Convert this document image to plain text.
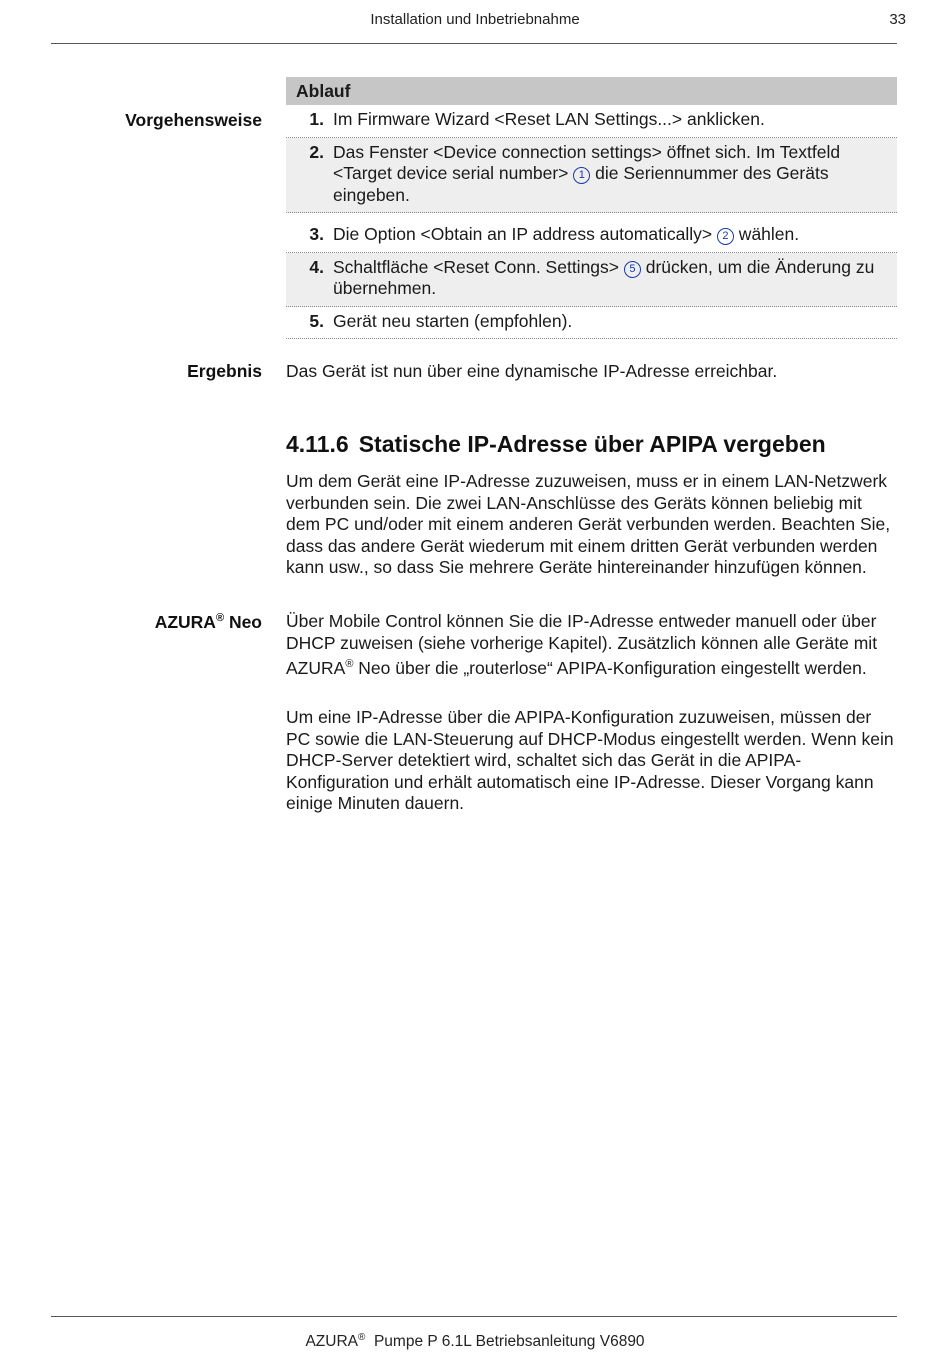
Installation und Inbetriebnahme	33
Vorgehensweise
Ablauf
1. Im Firmware Wizard <Reset LAN Settings...> anklicken.
2. Das Fenster <Device connection settings> öffnet sich. Im Textfeld <Target device serial number> 1 die Seriennummer des Geräts eingeben.
3. Die Option <Obtain an IP address automatically> 2 wählen.
4. Schaltfläche <Reset Conn. Settings> 5 drücken, um die Änderung zu übernehmen.
5. Gerät neu starten (empfohlen).
Ergebnis Das Gerät ist nun über eine dynamische IP-Adresse erreichbar.
4.11.6 Statische IP-Adresse über APIPA vergeben
Um dem Gerät eine IP-Adresse zuzuweisen, muss er in einem LAN-Netzwerk verbunden sein. Die zwei LAN-Anschlüsse des Geräts können beliebig mit dem PC und/oder mit einem anderen Gerät verbunden werden. Beachten Sie, dass das andere Gerät wiederum mit einem dritten Gerät verbunden werden kann usw., so dass Sie mehrere Geräte hintereinander hinzufügen können.
AZURA® Neo Über Mobile Control können Sie die IP-Adresse entweder manuell oder über DHCP zuweisen (siehe vorherige Kapitel). Zusätzlich können alle Geräte mit AZURA® Neo über die „routerlose“ APIPA-Konfiguration eingestellt werden.
Um eine IP-Adresse über die APIPA-Konfiguration zuzuweisen, müssen der PC sowie die LAN-Steuerung auf DHCP-Modus eingestellt werden. Wenn kein DHCP-Server detektiert wird, schaltet sich das Gerät in die APIPA-Konfiguration und erhält automatisch eine IP-Adresse. Dieser Vorgang kann einige Minuten dauern.
AZURA®  Pumpe P 6.1L Betriebsanleitung V6890
